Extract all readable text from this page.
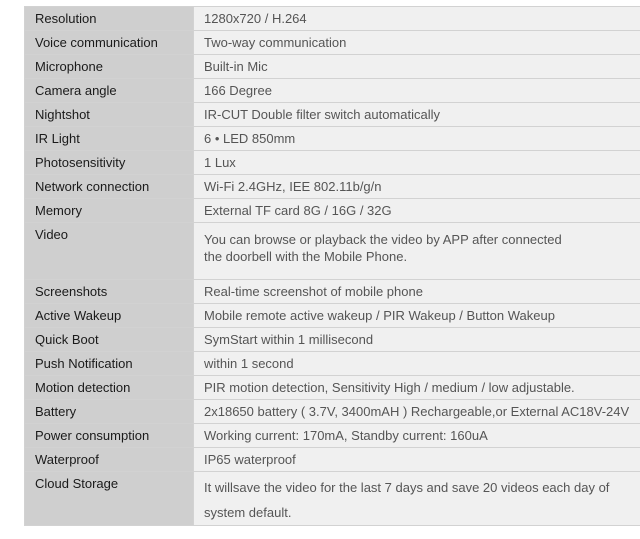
Resolution	1280x720 / H.264
Voice communication	Two-way communication
Microphone	Built-in Mic
Camera angle	166 Degree
Nightshot	IR-CUT Double filter switch automatically
IR Light	6 • LED 850mm
Photosensitivity	1 Lux
Network connection	Wi-Fi 2.4GHz, IEE 802.11b/g/n
Memory	External TF card 8G / 16G / 32G
Video	You can browse or playback the video by APP after connected
the doorbell with the Mobile Phone.

Screenshots	Real-time screenshot of mobile phone
Active Wakeup	Mobile remote active wakeup / PIR Wakeup / Button Wakeup
Quick Boot	SymStart within 1 millisecond
Push Notification	within 1 second
Motion detection	PIR motion detection, Sensitivity High / medium / low adjustable.
Battery	2x18650 battery ( 3.7V, 3400mAH ) Rechargeable,or External AC18V-24V
Power consumption	Working current: 170mA, Standby current: 160uA
Waterproof	IP65 waterproof
Cloud Storage	It willsave the video for the last 7 days and save 20 videos each day of system default.
